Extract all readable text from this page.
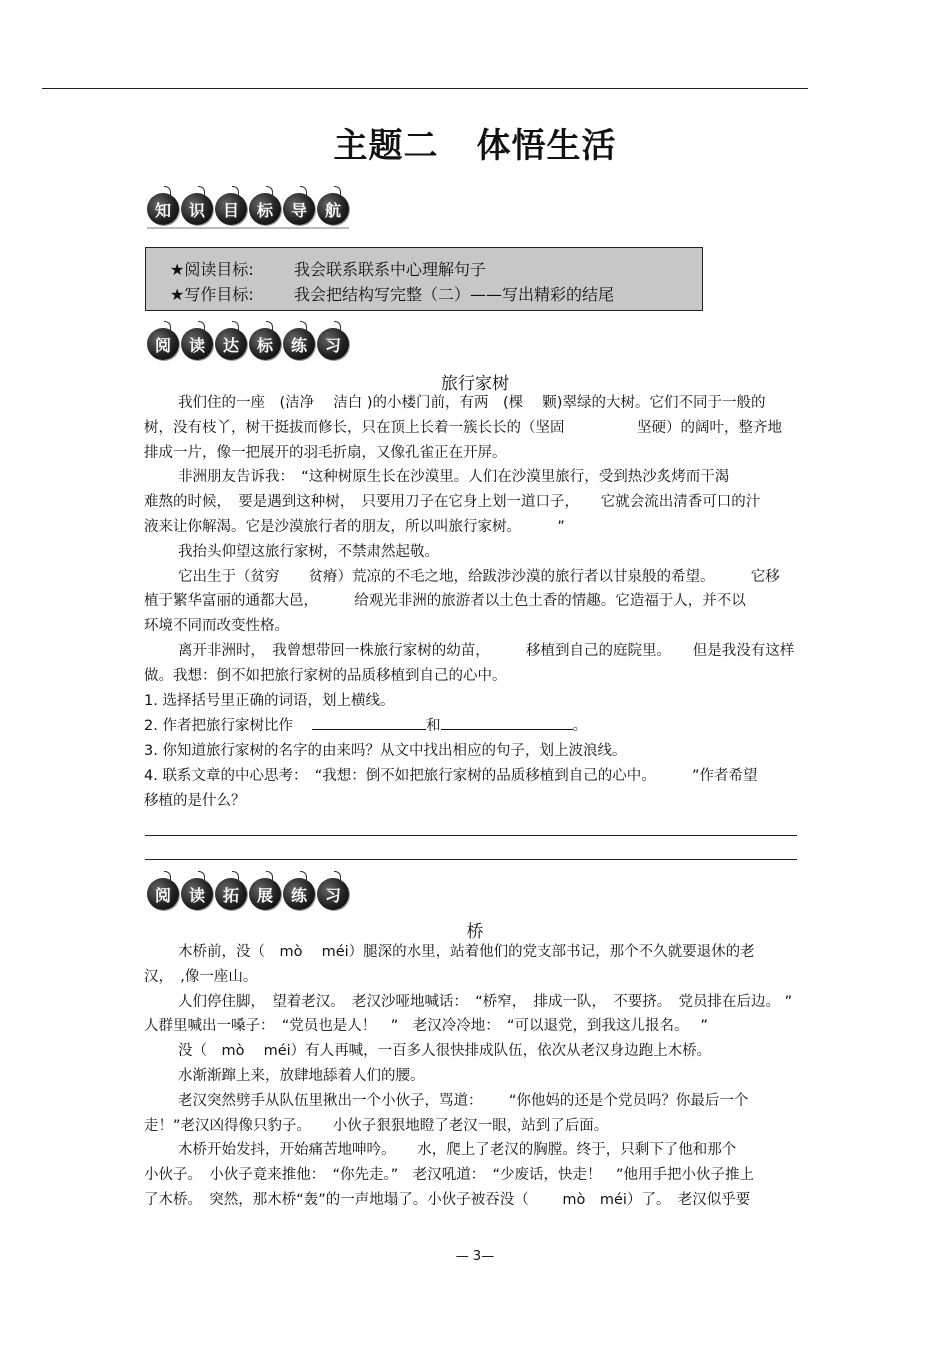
主题二 体悟生活
知	识	目	标	导	航
★阅读目标:	我会联系联系中心理解句子
★写作目标:	我会把结构写完整（二）——写出精彩的结尾
阅	读	达	标	练	习
旅行家树
我们住的一座　(洁净　 洁白 )的小楼门前，有两　(棵　 颗)翠绿的大树。它们不同于一般的
树，没有枝丫，树干挺拔而修长，只在顶上长着一簇长长的（坚固　　　　　坚硬）的阔叶，整齐地
排成一片，像一把展开的羽毛折扇，又像孔雀正在开屏。
非洲朋友告诉我：　“这种树原生长在沙漠里。人们在沙漠里旅行，受到热沙炙烤而干渴
难熬的时候，　要是遇到这种树，　只要用刀子在它身上划一道口子，　　它就会流出清香可口的汁
液来让你解渴。它是沙漠旅行者的朋友，所以叫旅行家树。　　　”
我抬头仰望这旅行家树，不禁肃然起敬。
它出生于（贫穷　　贫瘠）荒凉的不毛之地，给跋涉沙漠的旅行者以甘泉般的希望。　　　它移
植于繁华富丽的通都大邑，　　　给观光非洲的旅游者以土色土香的情趣。它造福于人，并不以
环境不同而改变性格。
离开非洲时，　我曾想带回一株旅行家树的幼苗，　　　移植到自己的庭院里。　　但是我没有这样
做。我想：倒不如把旅行家树的品质移植到自己的心中。
1. 选择括号里正确的词语，划上横线。
2. 作者把旅行家树比作　	和	。
3. 你知道旅行家树的名字的由来吗？从文中找出相应的句子，划上波浪线。
4. 联系文章的中心思考：　“我想：倒不如把旅行家树的品质移植到自己的心中。　　　”作者希望
移植的是什么？
阅	读	拓	展	练	习
桥
木桥前，没（　mò　 méi）腿深的水里，站着他们的党支部书记，那个不久就要退休的老
汉，　,像一座山。
人们停住脚，　望着老汉。　老汉沙哑地喊话：　“桥窄，　排成一队，　不要挤。　党员排在后边。 ”
人群里喊出一嗓子：　“党员也是人！　”　老汉冷冷地：　“可以退党，到我这儿报名。　 ”
没（　mò　 méi）有人再喊，一百多人很快排成队伍，依次从老汉身边跑上木桥。
水渐渐蹿上来，放肆地舔着人们的腰。
老汉突然劈手从队伍里揪出一个小伙子，骂道：　　 “你他妈的还是个党员吗？你最后一个
走！”老汉凶得像只豹子。　　小伙子狠狠地瞪了老汉一眼，站到了后面。
木桥开始发抖，开始痛苦地呻吟。　　水，爬上了老汉的胸膛。终于，只剩下了他和那个
小伙子。　小伙子竟来推他：　“你先走。”　老汉吼道：　“少废话，快走！　”他用手把小伙子推上
了木桥。　突然，那木桥“轰”的一声地塌了。小伙子被吞没（　　 mò　méi）了。　老汉似乎要
— 3—
